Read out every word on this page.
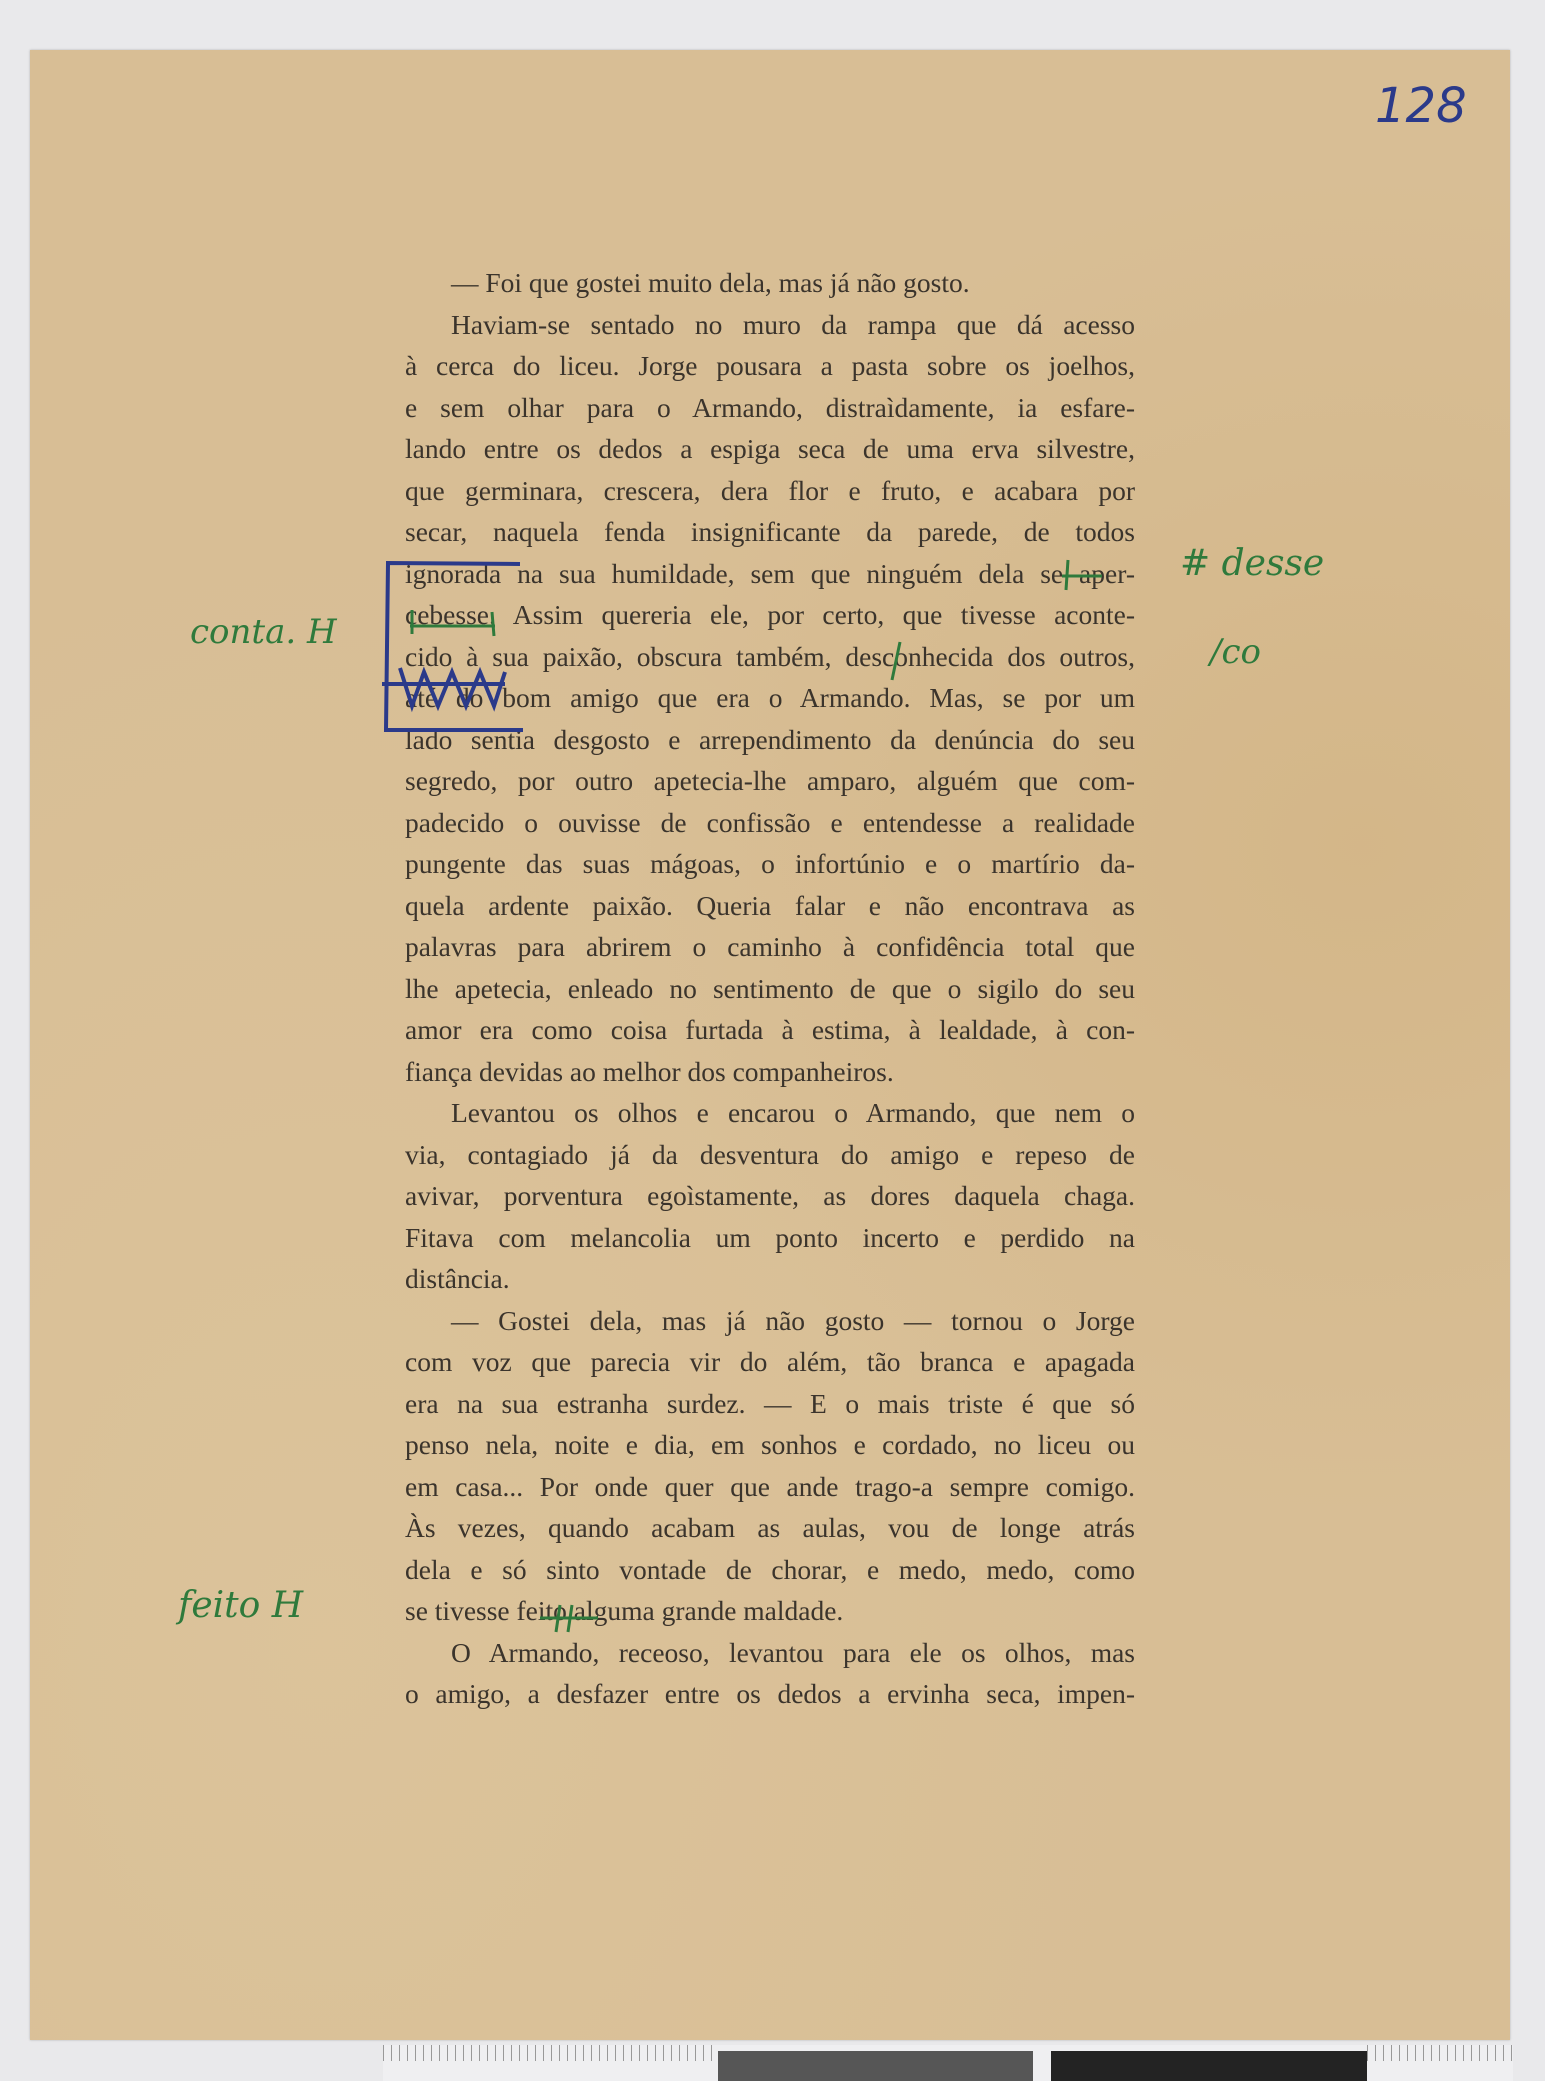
128
— Foi que gostei muito dela, mas já não gosto.
Haviam-se sentado no muro da rampa que dá acesso
à cerca do liceu. Jorge pousara a pasta sobre os joelhos,
e sem olhar para o Armando, distraìdamente, ia esfare-
lando entre os dedos a espiga seca de uma erva silvestre,
que germinara, crescera, dera flor e fruto, e acabara por
secar, naquela fenda insignificante da parede, de todos
ignorada na sua humildade, sem que ninguém dela se aper-
cebesse. Assim quereria ele, por certo, que tivesse aconte-
cido à sua paixão, obscura também, desconhecida dos outros,
até do bom amigo que era o Armando. Mas, se por um
lado sentia desgosto e arrependimento da denúncia do seu
segredo, por outro apetecia-lhe amparo, alguém que com-
padecido o ouvisse de confissão e entendesse a realidade
pungente das suas mágoas, o infortúnio e o martírio da-
quela ardente paixão. Queria falar e não encontrava as
palavras para abrirem o caminho à confidência total que
lhe apetecia, enleado no sentimento de que o sigilo do seu
amor era como coisa furtada à estima, à lealdade, à con-
fiança devidas ao melhor dos companheiros.
Levantou os olhos e encarou o Armando, que nem o
via, contagiado já da desventura do amigo e repeso de
avivar, porventura egoìstamente, as dores daquela chaga.
Fitava com melancolia um ponto incerto e perdido na
distância.
— Gostei dela, mas já não gosto — tornou o Jorge
com voz que parecia vir do além, tão branca e apagada
era na sua estranha surdez. — E o mais triste é que só
penso nela, noite e dia, em sonhos e cordado, no liceu ou
em casa... Por onde quer que ande trago-a sempre comigo.
Às vezes, quando acabam as aulas, vou de longe atrás
dela e só sinto vontade de chorar, e medo, medo, como
se tivesse feito alguma grande maldade.
O Armando, receoso, levantou para ele os olhos, mas
o amigo, a desfazer entre os dedos a ervinha seca, impen-
conta. H
feito H
# desse
/co
